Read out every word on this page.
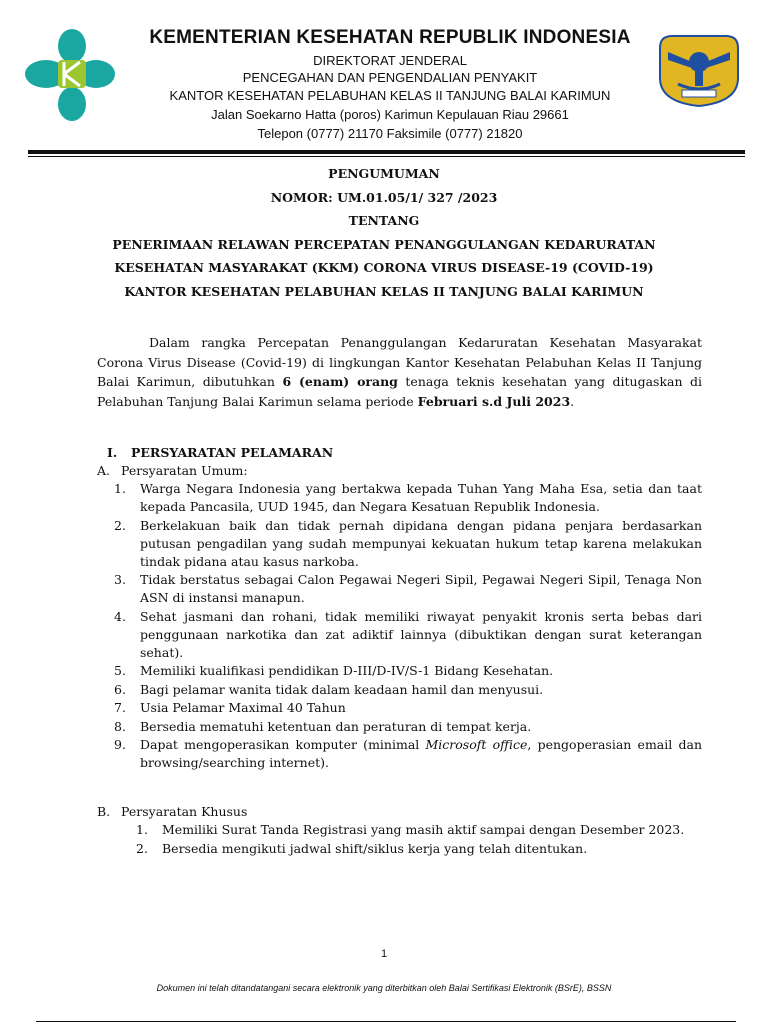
KEMENTERIAN KESEHATAN REPUBLIK INDONESIA
DIREKTORAT JENDERAL
PENCEGAHAN DAN PENGENDALIAN PENYAKIT
KANTOR KESEHATAN PELABUHAN KELAS II TANJUNG BALAI KARIMUN
Jalan Soekarno Hatta (poros) Karimun Kepulauan Riau 29661
Telepon (0777) 21170 Faksimile (0777) 21820
PENGUMUMAN
NOMOR: UM.01.05/1/ 327 /2023
TENTANG
PENERIMAAN RELAWAN PERCEPATAN PENANGGULANGAN KEDARURATAN
KESEHATAN MASYARAKAT (KKM) CORONA VIRUS DISEASE-19 (COVID-19)
KANTOR KESEHATAN PELABUHAN KELAS II TANJUNG BALAI KARIMUN
Dalam rangka Percepatan Penanggulangan Kedaruratan Kesehatan Masyarakat Corona Virus Disease (Covid-19) di lingkungan Kantor Kesehatan Pelabuhan Kelas II Tanjung Balai Karimun, dibutuhkan 6 (enam) orang tenaga teknis kesehatan yang ditugaskan di Pelabuhan Tanjung Balai Karimun selama periode Februari s.d Juli 2023.
I. PERSYARATAN PELAMARAN
A. Persyaratan Umum:
1. Warga Negara Indonesia yang bertakwa kepada Tuhan Yang Maha Esa, setia dan taat kepada Pancasila, UUD 1945, dan Negara Kesatuan Republik Indonesia.
2. Berkelakuan baik dan tidak pernah dipidana dengan pidana penjara berdasarkan putusan pengadilan yang sudah mempunyai kekuatan hukum tetap karena melakukan tindak pidana atau kasus narkoba.
3. Tidak berstatus sebagai Calon Pegawai Negeri Sipil, Pegawai Negeri Sipil, Tenaga Non ASN di instansi manapun.
4. Sehat jasmani dan rohani, tidak memiliki riwayat penyakit kronis serta bebas dari penggunaan narkotika dan zat adiktif lainnya (dibuktikan dengan surat keterangan sehat).
5. Memiliki kualifikasi pendidikan D-III/D-IV/S-1 Bidang Kesehatan.
6. Bagi pelamar wanita tidak dalam keadaan hamil dan menyusui.
7. Usia Pelamar Maximal 40 Tahun
8. Bersedia mematuhi ketentuan dan peraturan di tempat kerja.
9. Dapat mengoperasikan komputer (minimal Microsoft office, pengoperasian email dan browsing/searching internet).
B. Persyaratan Khusus
1. Memiliki Surat Tanda Registrasi yang masih aktif sampai dengan Desember 2023.
2. Bersedia mengikuti jadwal shift/siklus kerja yang telah ditentukan.
1
Dokumen ini telah ditandatangani secara elektronik yang diterbitkan oleh Balai Sertifikasi Elektronik (BSrE), BSSN
